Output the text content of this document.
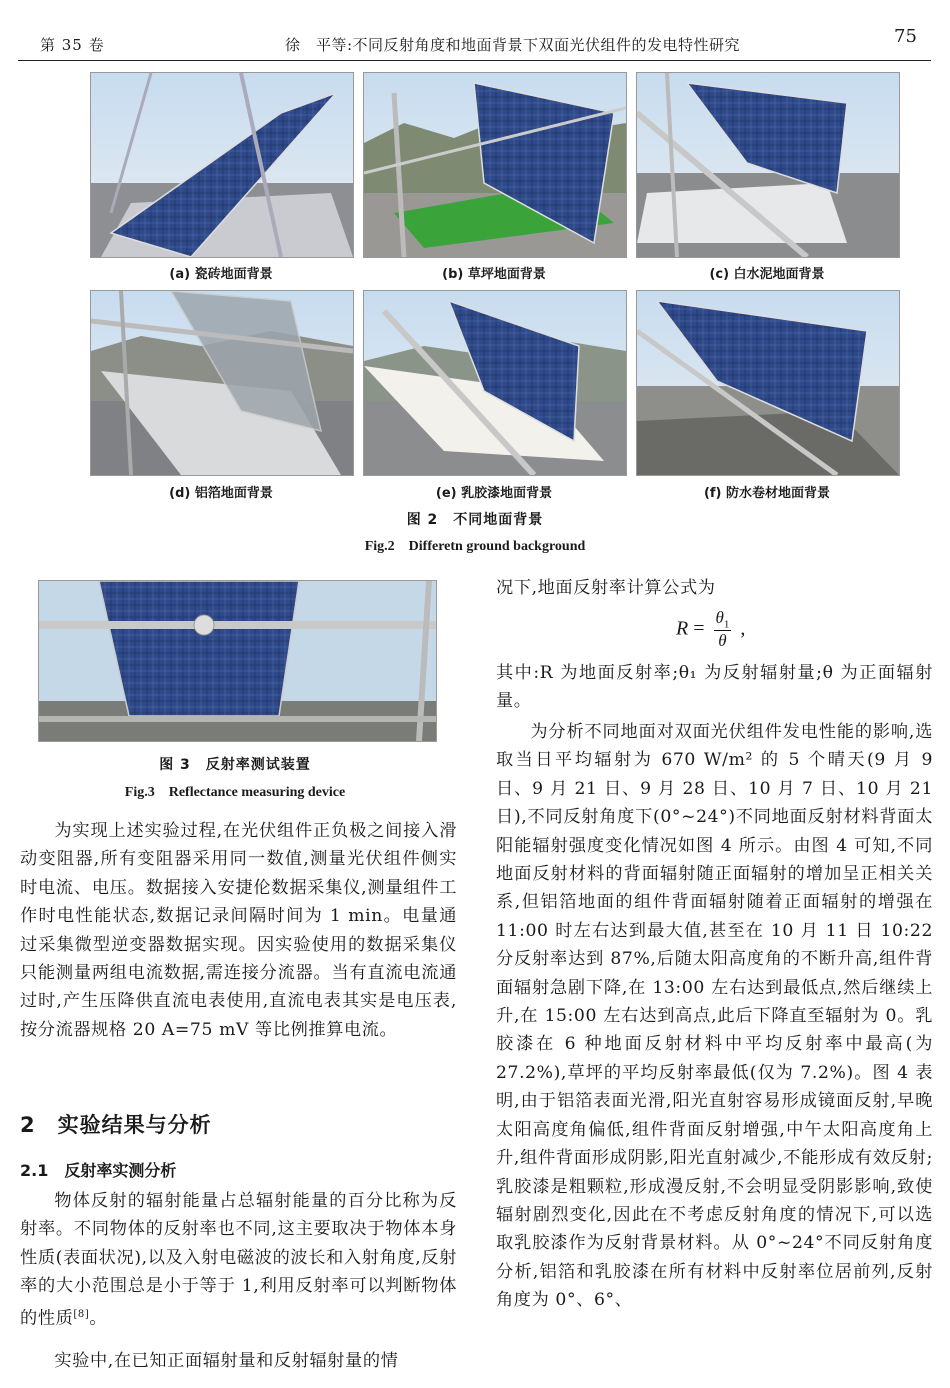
第 35 卷	徐　平等:不同反射角度和地面背景下双面光伏组件的发电特性研究	75
(a) 瓷砖地面背景	(b) 草坪地面背景	(c) 白水泥地面背景
(d) 铝箔地面背景	(e) 乳胶漆地面背景	(f) 防水卷材地面背景
图 2　不同地面背景
Fig.2　Differetn ground background
图 3　反射率测试装置
Fig.3　Reflectance measuring device

为实现上述实验过程,在光伏组件正负极之间接入滑动变阻器,所有变阻器采用同一数值,测量光伏组件侧实时电流、电压。数据接入安捷伦数据采集仪,测量组件工作时电性能状态,数据记录间隔时间为 1 min。电量通过采集微型逆变器数据实现。因实验使用的数据采集仪只能测量两组电流数据,需连接分流器。当有直流电流通过时,产生压降供直流电表使用,直流电表其实是电压表,按分流器规格 20 A=75 mV 等比例推算电流。

2　实验结果与分析
2.1　反射率实测分析

物体反射的辐射能量占总辐射能量的百分比称为反射率。不同物体的反射率也不同,这主要取决于物体本身性质(表面状况),以及入射电磁波的波长和入射角度,反射率的大小范围总是小于等于 1,利用反射率可以判断物体的性质[8]。

实验中,在已知正面辐射量和反射辐射量的情

况下,地面反射率计算公式为
$R = \frac{\theta_1}{\theta}$ ,

其中:R 为地面反射率;θ₁ 为反射辐射量;θ 为正面辐射量。

为分析不同地面对双面光伏组件发电性能的影响,选取当日平均辐射为 670 W/m² 的 5 个晴天(9 月 9 日、9 月 21 日、9 月 28 日、10 月 7 日、10 月 21 日),不同反射角度下(0°~24°)不同地面反射材料背面太阳能辐射强度变化情况如图 4 所示。由图 4 可知,不同地面反射材料的背面辐射随正面辐射的增加呈正相关关系,但铝箔地面的组件背面辐射随着正面辐射的增强在 11:00 时左右达到最大值,甚至在 10 月 11 日 10:22 分反射率达到 87%,后随太阳高度角的不断升高,组件背面辐射急剧下降,在 13:00 左右达到最低点,然后继续上升,在 15:00 左右达到高点,此后下降直至辐射为 0。乳胶漆在 6 种地面反射材料中平均反射率中最高(为27.2%),草坪的平均反射率最低(仅为 7.2%)。图 4 表明,由于铝箔表面光滑,阳光直射容易形成镜面反射,早晚太阳高度角偏低,组件背面反射增强,中午太阳高度角上升,组件背面形成阴影,阳光直射减少,不能形成有效反射;乳胶漆是粗颗粒,形成漫反射,不会明显受阴影影响,致使辐射剧烈变化,因此在不考虑反射角度的情况下,可以选取乳胶漆作为反射背景材料。从 0°~24°不同反射角度分析,铝箔和乳胶漆在所有材料中反射率位居前列,反射角度为 0°、6°、
